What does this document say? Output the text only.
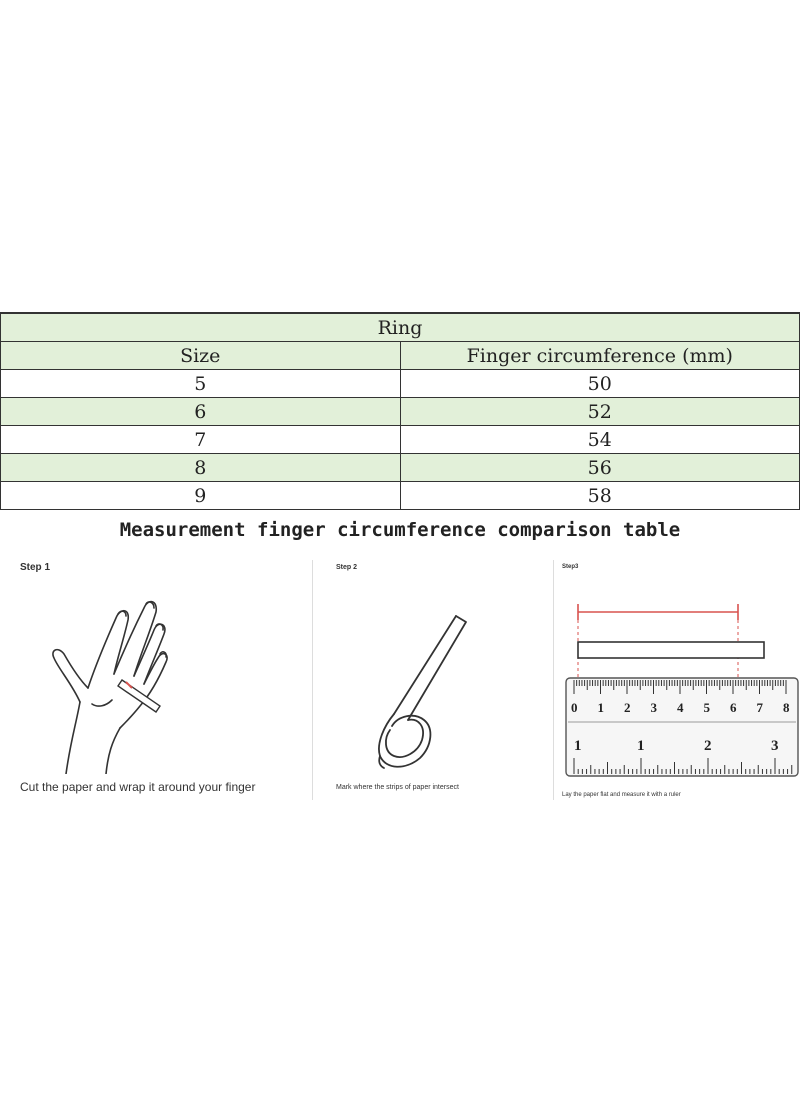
Ring	
Size	Finger circumference (mm)
5	50
6	52
7	54
8	56
9	58
Measurement finger circumference comparison table
Step 1
Cut the paper and wrap it around your finger
Step 2
Mark where the strips of paper intersect
Step3
0 1 2 3 4 5 6 7 8
1	1	2	3
Lay the paper flat and measure it with a ruler
